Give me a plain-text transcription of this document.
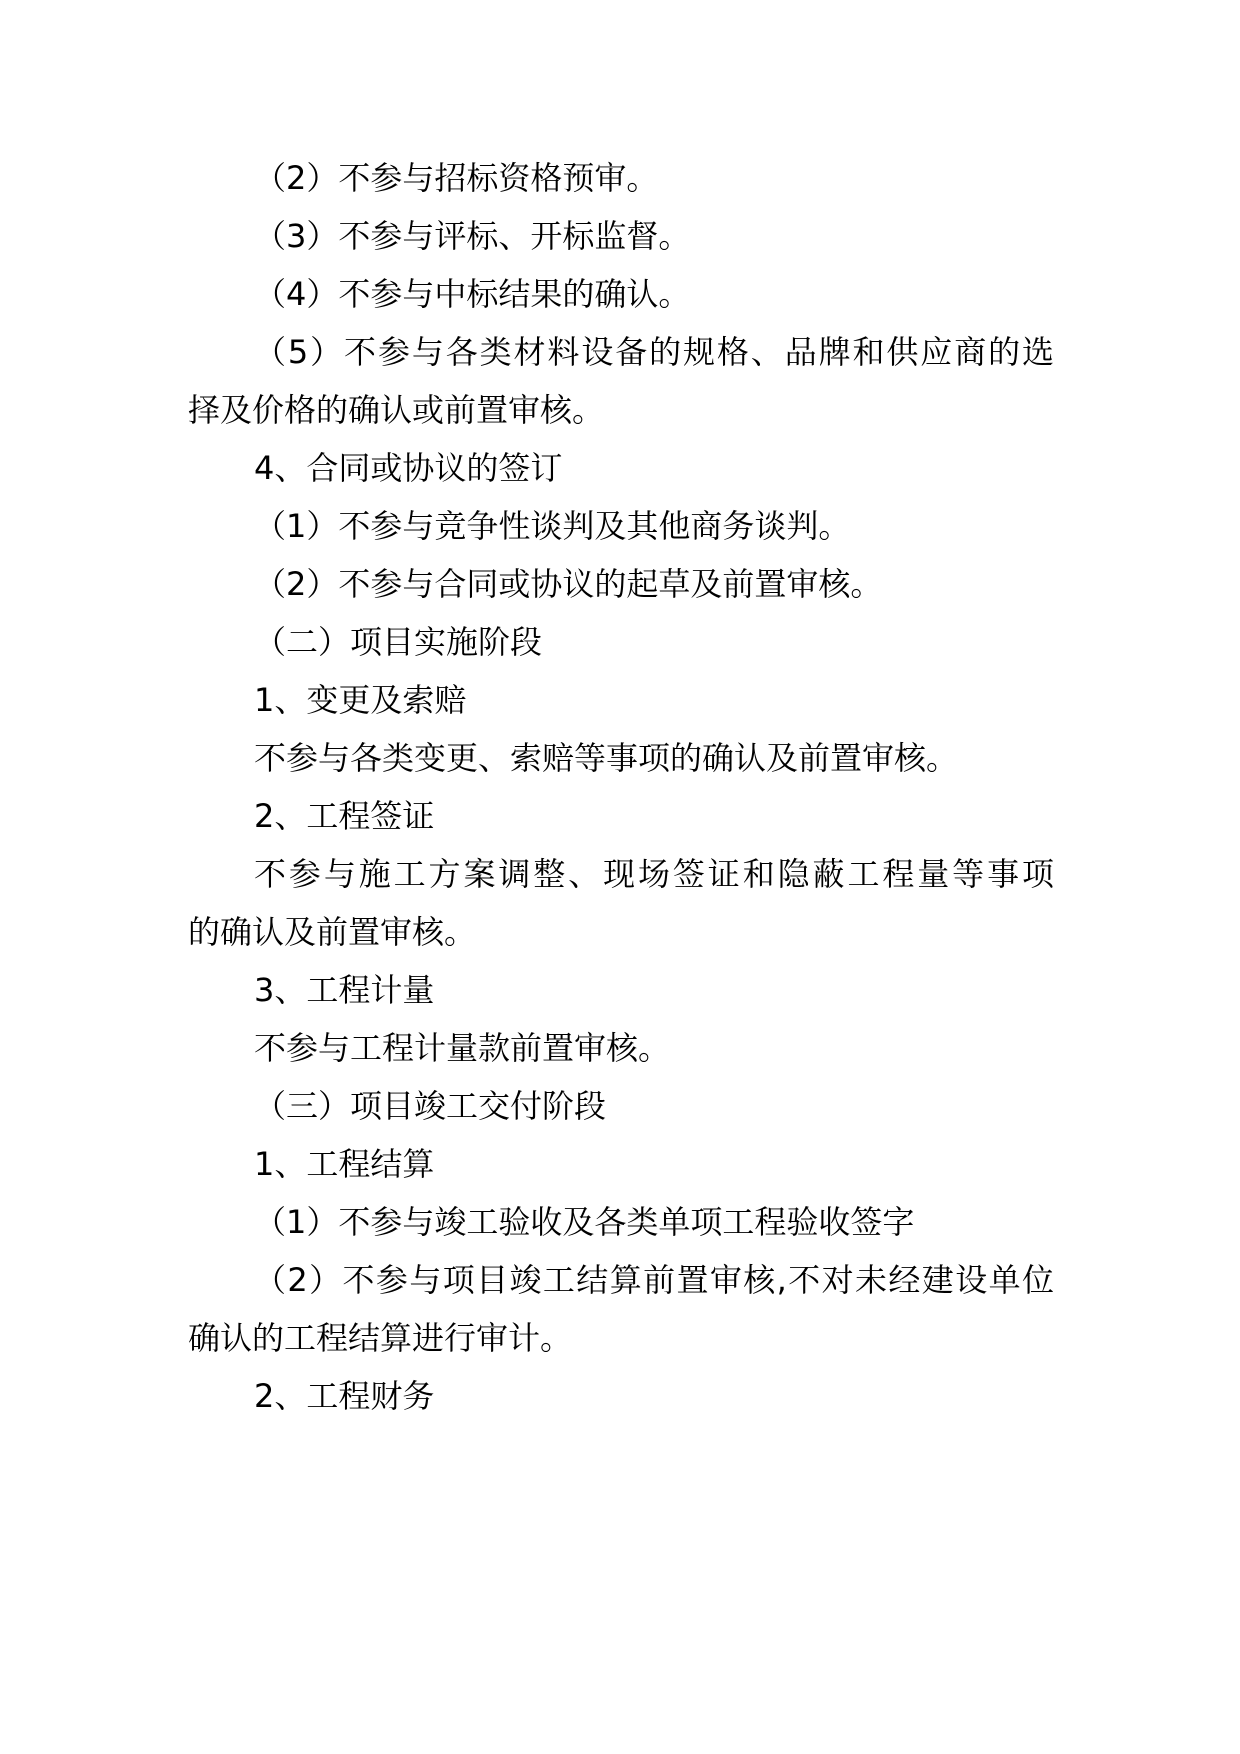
（2）不参与招标资格预审。
（3）不参与评标、开标监督。
（4）不参与中标结果的确认。
（5）不参与各类材料设备的规格、品牌和供应商的选
择及价格的确认或前置审核。
4、合同或协议的签订
（1）不参与竞争性谈判及其他商务谈判。
（2）不参与合同或协议的起草及前置审核。
（二）项目实施阶段
1、变更及索赔
不参与各类变更、索赔等事项的确认及前置审核。
2、工程签证
不参与施工方案调整、现场签证和隐蔽工程量等事项
的确认及前置审核。
3、工程计量
不参与工程计量款前置审核。
（三）项目竣工交付阶段
1、工程结算
（1）不参与竣工验收及各类单项工程验收签字
（2）不参与项目竣工结算前置审核,不对未经建设单位
确认的工程结算进行审计。
2、工程财务
